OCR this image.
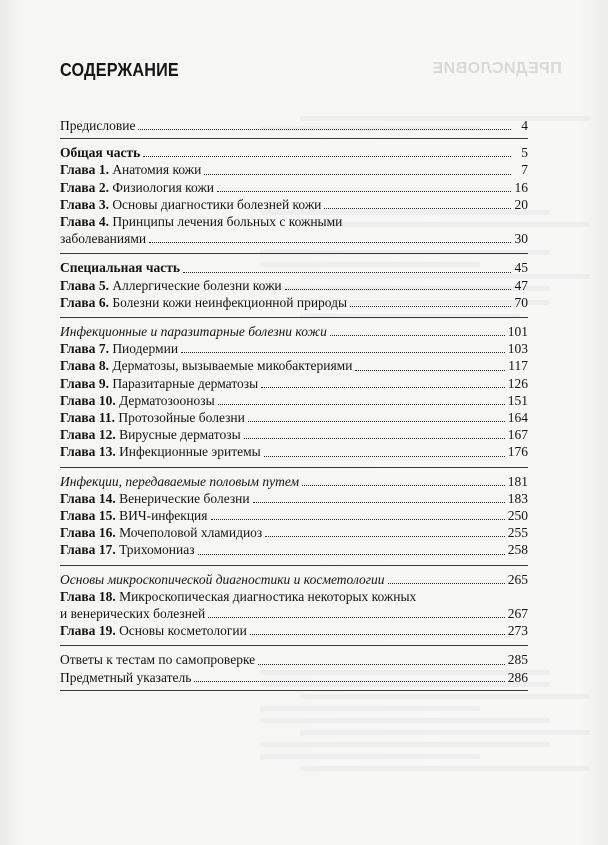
ПРЕДИСЛОВИЕ
СОДЕРЖАНИЕ
Предисловие	4
Общая часть	5
Глава 1. Анатомия кожи	7
Глава 2. Физиология кожи	16
Глава 3. Основы диагностики болезней кожи	20
Глава 4. Принципы лечения больных с кожными
заболеваниями	30
Специальная часть	45
Глава 5. Аллергические болезни кожи	47
Глава 6. Болезни кожи неинфекционной природы	70
Инфекционные и паразитарные болезни кожи	101
Глава 7. Пиодермии	103
Глава 8. Дерматозы, вызываемые микобактериями	117
Глава 9. Паразитарные дерматозы	126
Глава 10. Дерматозоонозы	151
Глава 11. Протозойные болезни	164
Глава 12. Вирусные дерматозы	167
Глава 13. Инфекционные эритемы	176
Инфекции, передаваемые половым путем	181
Глава 14. Венерические болезни	183
Глава 15. ВИЧ-инфекция	250
Глава 16. Мочеполовой хламидиоз	255
Глава 17. Трихомониаз	258
Основы микроскопической диагностики и косметологии	265
Глава 18. Микроскопическая диагностика некоторых кожных
и венерических болезней	267
Глава 19. Основы косметологии	273
Ответы к тестам по самопроверке	285
Предметный указатель	286
